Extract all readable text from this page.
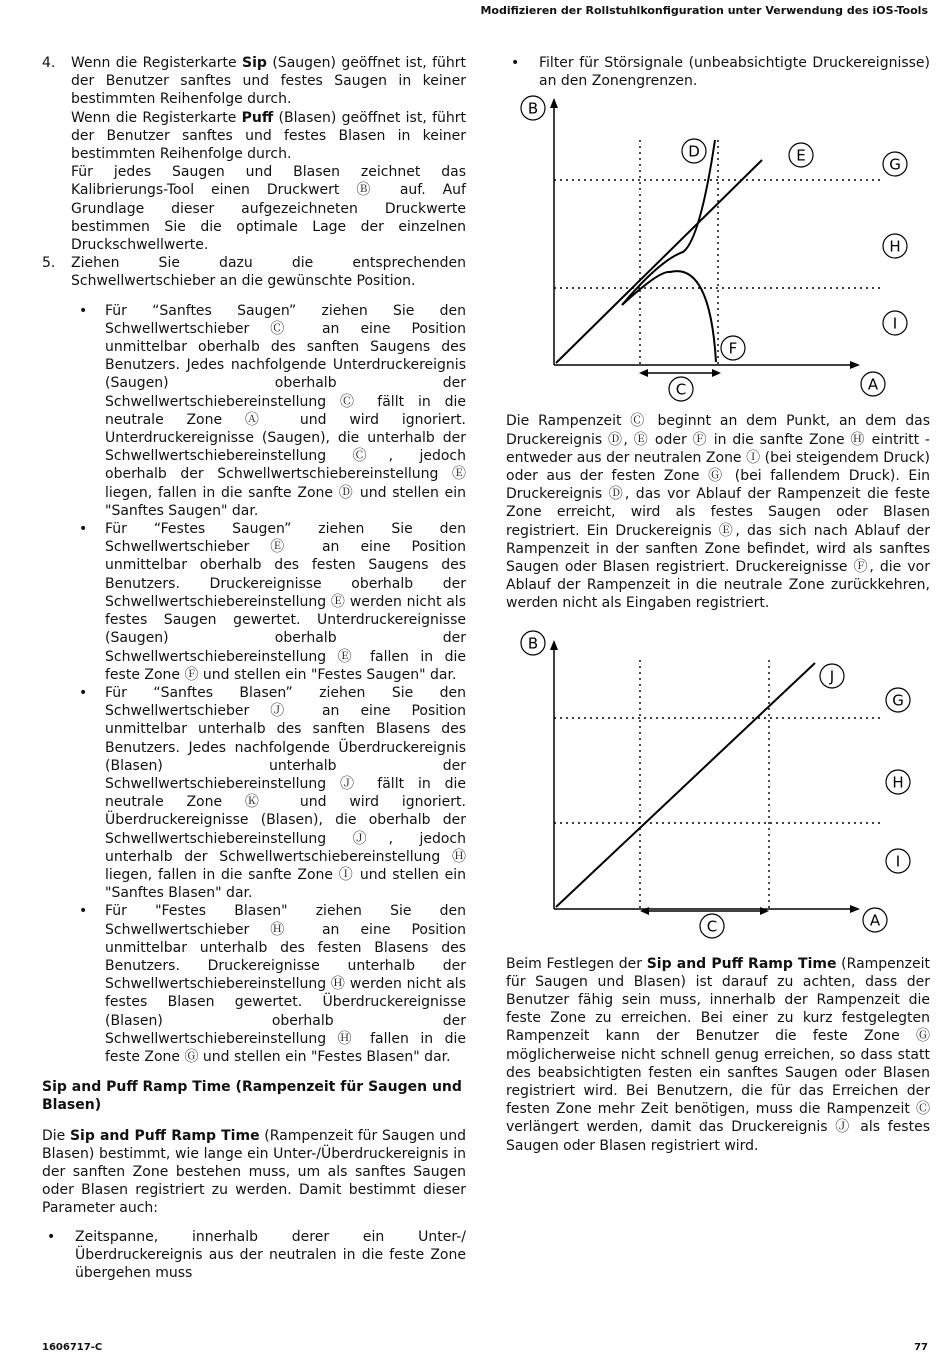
Modifizieren der Rollstuhlkonfiguration unter Verwendung des iOS-Tools
4. Wenn die Registerkarte Sip (Saugen) geöffnet ist, führt der Benutzer sanftes und festes Saugen in keiner bestimmten Reihenfolge durch.

Wenn die Registerkarte Puff (Blasen) geöffnet ist, führt der Benutzer sanftes und festes Blasen in keiner bestimmten Reihenfolge durch.

Für jedes Saugen und Blasen zeichnet das Kalibrierungs-Tool einen Druckwert Ⓑ auf. Auf Grundlage dieser aufgezeichneten Druckwerte bestimmen Sie die optimale Lage der einzelnen Druckschwellwerte.

5. Ziehen Sie dazu die entsprechenden Schwellwertschieber an die gewünschte Position.

• Für “Sanftes Saugen” ziehen Sie den Schwellwertschieber Ⓒ an eine Position unmittelbar oberhalb des sanften Saugens des Benutzers. Jedes nachfolgende Unterdruckereignis (Saugen) oberhalb der Schwellwertschiebereinstellung Ⓒ fällt in die neutrale Zone Ⓐ und wird ignoriert. Unterdruckereignisse (Saugen), die unterhalb der Schwellwertschiebereinstellung Ⓒ, jedoch oberhalb der Schwellwertschiebereinstellung Ⓔ liegen, fallen in die sanfte Zone Ⓓ und stellen ein "Sanftes Saugen" dar.
• Für “Festes Saugen” ziehen Sie den Schwellwertschieber Ⓔ an eine Position unmittelbar oberhalb des festen Saugens des Benutzers. Druckereignisse oberhalb der Schwellwertschiebereinstellung Ⓔ werden nicht als festes Saugen gewertet. Unterdruckereignisse (Saugen) oberhalb der Schwellwertschiebereinstellung Ⓔ fallen in die feste Zone Ⓕ und stellen ein "Festes Saugen" dar.
• Für “Sanftes Blasen” ziehen Sie den Schwellwertschieber Ⓙ an eine Position unmittelbar unterhalb des sanften Blasens des Benutzers. Jedes nachfolgende Überdruckereignis (Blasen) unterhalb der Schwellwertschiebereinstellung Ⓙ fällt in die neutrale Zone Ⓚ und wird ignoriert. Überdruckereignisse (Blasen), die oberhalb der Schwellwertschiebereinstellung Ⓙ, jedoch unterhalb der Schwellwertschiebereinstellung Ⓗ liegen, fallen in die sanfte Zone Ⓘ und stellen ein "Sanftes Blasen" dar.
• Für "Festes Blasen" ziehen Sie den Schwellwertschieber Ⓗ an eine Position unmittelbar unterhalb des festen Blasens des Benutzers. Druckereignisse unterhalb der Schwellwertschiebereinstellung Ⓗ werden nicht als festes Blasen gewertet. Überdruckereignisse (Blasen) oberhalb der Schwellwertschiebereinstellung Ⓗ fallen in die feste Zone Ⓖ und stellen ein "Festes Blasen" dar.

Sip and Puff Ramp Time (Rampenzeit für Saugen und Blasen)

Die Sip and Puff Ramp Time (Rampenzeit für Saugen und Blasen) bestimmt, wie lange ein Unter-/Überdruckereignis in der sanften Zone bestehen muss, um als sanftes Saugen oder Blasen registriert zu werden. Damit bestimmt dieser Parameter auch:

• Zeitspanne, innerhalb derer ein Unter-/Überdruckereignis aus der neutralen in die feste Zone übergehen muss
• Filter für Störsignale (unbeabsichtigte Druckereignisse) an den Zonengrenzen.
B
D	E	G
H
I
F
C	A

Die Rampenzeit Ⓒ beginnt an dem Punkt, an dem das Druckereignis Ⓓ, Ⓔ oder Ⓕ in die sanfte Zone Ⓗ eintritt - entweder aus der neutralen Zone Ⓘ (bei steigendem Druck) oder aus der festen Zone Ⓖ (bei fallendem Druck). Ein Druckereignis Ⓓ, das vor Ablauf der Rampenzeit die feste Zone erreicht, wird als festes Saugen oder Blasen registriert. Ein Druckereignis Ⓔ, das sich nach Ablauf der Rampenzeit in der sanften Zone befindet, wird als sanftes Saugen oder Blasen registriert. Druckereignisse Ⓕ, die vor Ablauf der Rampenzeit in die neutrale Zone zurückkehren, werden nicht als Eingaben registriert.

B
J
G
H
I
C	A

Beim Festlegen der Sip and Puff Ramp Time (Rampenzeit für Saugen und Blasen) ist darauf zu achten, dass der Benutzer fähig sein muss, innerhalb der Rampenzeit die feste Zone zu erreichen. Bei einer zu kurz festgelegten Rampenzeit kann der Benutzer die feste Zone Ⓖ möglicherweise nicht schnell genug erreichen, so dass statt des beabsichtigten festen ein sanftes Saugen oder Blasen registriert wird. Bei Benutzern, die für das Erreichen der festen Zone mehr Zeit benötigen, muss die Rampenzeit Ⓒ verlängert werden, damit das Druckereignis Ⓙ als festes Saugen oder Blasen registriert wird.

1606717-C	77
